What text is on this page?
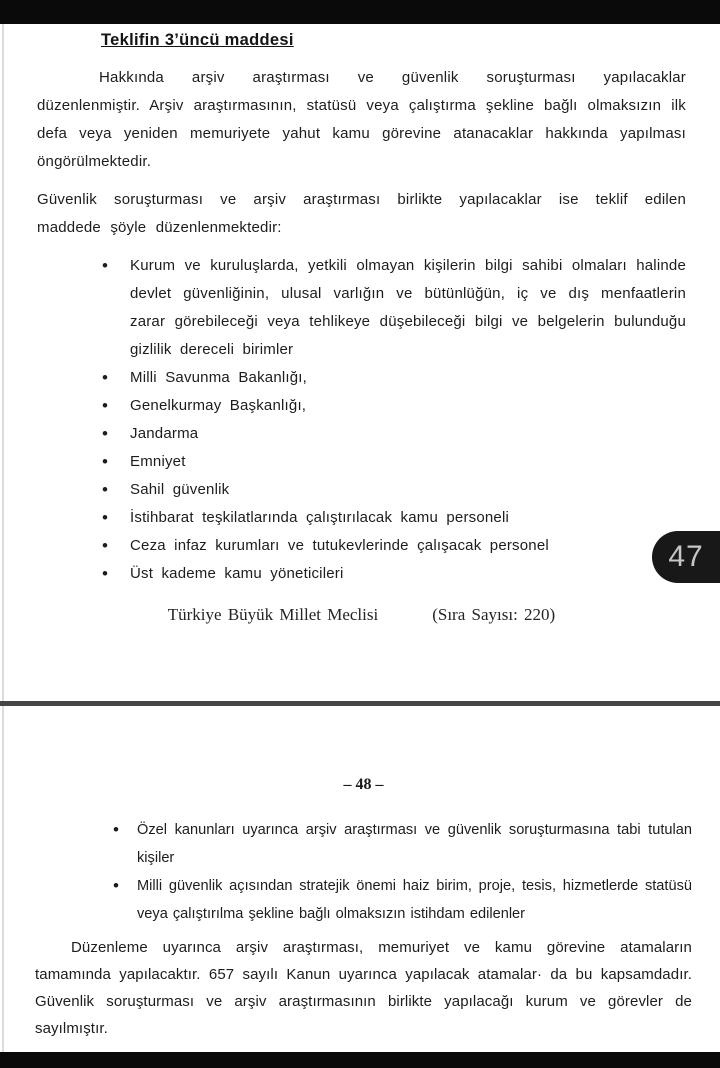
Teklifin 3’üncü maddesi

Hakkında arşiv araştırması ve güvenlik soruşturması yapılacaklar düzenlenmiştir. Arşiv araştırmasının, statüsü veya çalıştırma şekline bağlı olmaksızın ilk defa veya yeniden memuriyete yahut kamu görevine atanacaklar hakkında yapılması öngörülmektedir.

Güvenlik soruşturması ve arşiv araştırması birlikte yapılacaklar ise teklif edilen maddede şöyle düzenlenmektedir:

• Kurum ve kuruluşlarda, yetkili olmayan kişilerin bilgi sahibi olmaları halinde devlet güvenliğinin, ulusal varlığın ve bütünlüğün, iç ve dış menfaatlerin zarar görebileceği veya tehlikeye düşebileceği bilgi ve belgelerin bulunduğu gizlilik dereceli birimler
• Milli Savunma Bakanlığı,
• Genelkurmay Başkanlığı,
• Jandarma
• Emniyet
• Sahil güvenlik
• İstihbarat teşkilatlarında çalıştırılacak kamu personeli
• Ceza infaz kurumları ve tutukevlerinde çalışacak personel
• Üst kademe kamu yöneticileri
Türkiye Büyük Millet Meclisi	(Sıra Sayısı: 220)
47
– 48 –
• Özel kanunları uyarınca arşiv araştırması ve güvenlik soruşturmasına tabi tutulan kişiler
• Milli güvenlik açısından stratejik önemi haiz birim, proje, tesis, hizmetlerde statüsü veya çalıştırılma şekline bağlı olmaksızın istihdam edilenler

Düzenleme uyarınca arşiv araştırması, memuriyet ve kamu görevine atamaların tamamında yapılacaktır. 657 sayılı Kanun uyarınca yapılacak atamalar· da bu kapsamdadır. Güvenlik soruşturması ve arşiv araştırmasının birlikte yapılacağı kurum ve görevler de sayılmıştır.
